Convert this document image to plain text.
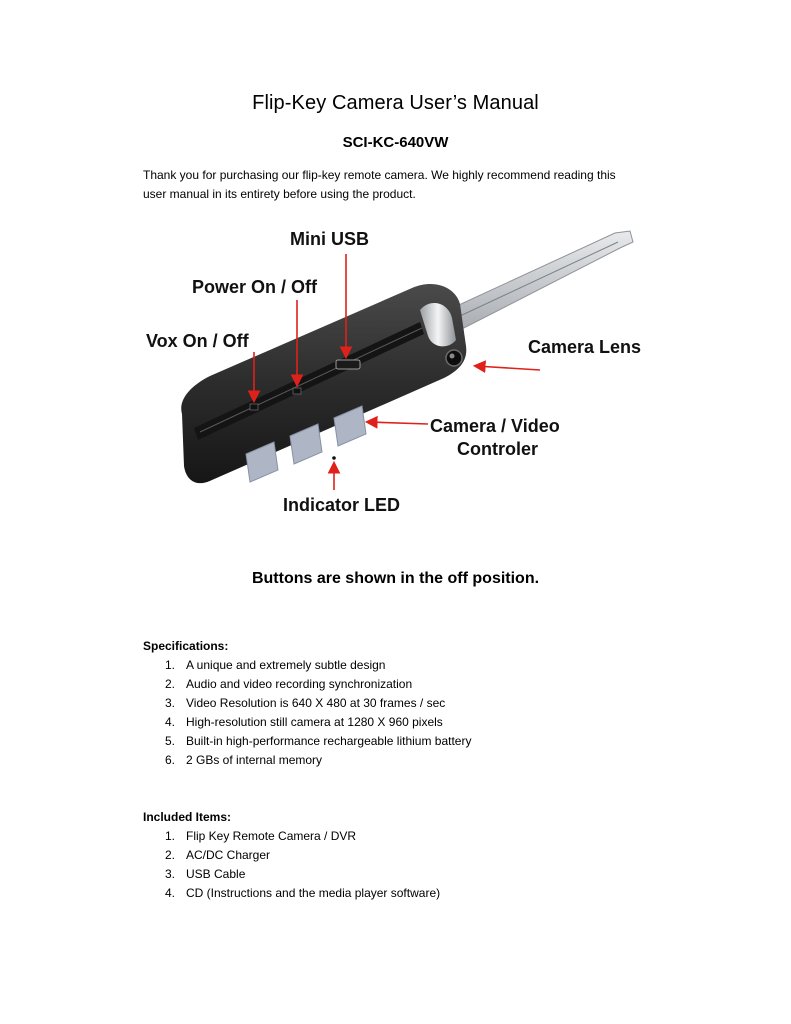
Flip-Key Camera User’s Manual
SCI-KC-640VW
Thank you for purchasing our flip-key remote camera. We highly recommend reading this
user manual in its entirety before using the product.
Mini USB
Power On / Off
Vox On / Off	Camera Lens
Camera / Video
Controler
Indicator LED
Buttons are shown in the off position.
Specifications:
1. A unique and extremely subtle design
2. Audio and video recording synchronization
3. Video Resolution is 640 X 480 at 30 frames / sec
4. High-resolution still camera at 1280 X 960 pixels
5. Built-in high-performance rechargeable lithium battery
6. 2 GBs of internal memory
Included Items:
1. Flip Key Remote Camera / DVR
2. AC/DC Charger
3. USB Cable
4. CD (Instructions and the media player software)
